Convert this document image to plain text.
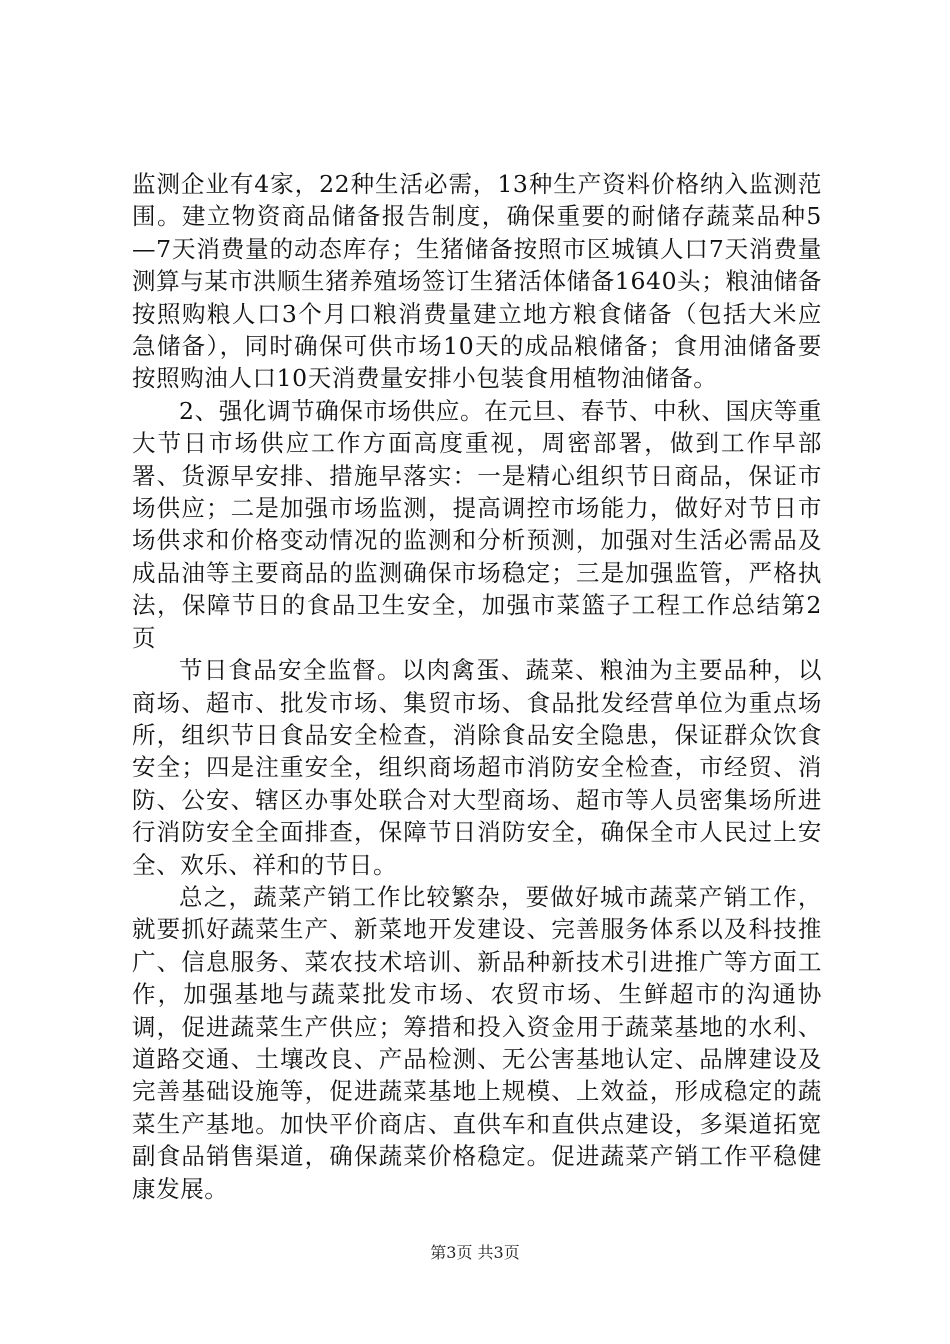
监测企业有4家，22种生活必需，13种生产资料价格纳入监测范围。建立物资商品储备报告制度，确保重要的耐储存蔬菜品种5—7天消费量的动态库存；生猪储备按照市区城镇人口7天消费量测算与某市洪顺生猪养殖场签订生猪活体储备1640头；粮油储备按照购粮人口3个月口粮消费量建立地方粮食储备（包括大米应急储备），同时确保可供市场10天的成品粮储备；食用油储备要按照购油人口10天消费量安排小包装食用植物油储备。

2、强化调节确保市场供应。在元旦、春节、中秋、国庆等重大节日市场供应工作方面高度重视，周密部署，做到工作早部署、货源早安排、措施早落实：一是精心组织节日商品，保证市场供应；二是加强市场监测，提高调控市场能力，做好对节日市场供求和价格变动情况的监测和分析预测，加强对生活必需品及成品油等主要商品的监测确保市场稳定；三是加强监管，严格执法，保障节日的食品卫生安全，加强市菜篮子工程工作总结第2页

节日食品安全监督。以肉禽蛋、蔬菜、粮油为主要品种，以商场、超市、批发市场、集贸市场、食品批发经营单位为重点场所，组织节日食品安全检查，消除食品安全隐患，保证群众饮食安全；四是注重安全，组织商场超市消防安全检查，市经贸、消防、公安、辖区办事处联合对大型商场、超市等人员密集场所进行消防安全全面排查，保障节日消防安全，确保全市人民过上安全、欢乐、祥和的节日。

总之，蔬菜产销工作比较繁杂，要做好城市蔬菜产销工作，就要抓好蔬菜生产、新菜地开发建设、完善服务体系以及科技推广、信息服务、菜农技术培训、新品种新技术引进推广等方面工作，加强基地与蔬菜批发市场、农贸市场、生鲜超市的沟通协调，促进蔬菜生产供应；筹措和投入资金用于蔬菜基地的水利、道路交通、土壤改良、产品检测、无公害基地认定、品牌建设及完善基础设施等，促进蔬菜基地上规模、上效益，形成稳定的蔬菜生产基地。加快平价商店、直供车和直供点建设，多渠道拓宽副食品销售渠道，确保蔬菜价格稳定。促进蔬菜产销工作平稳健康发展。

第3页 共3页
